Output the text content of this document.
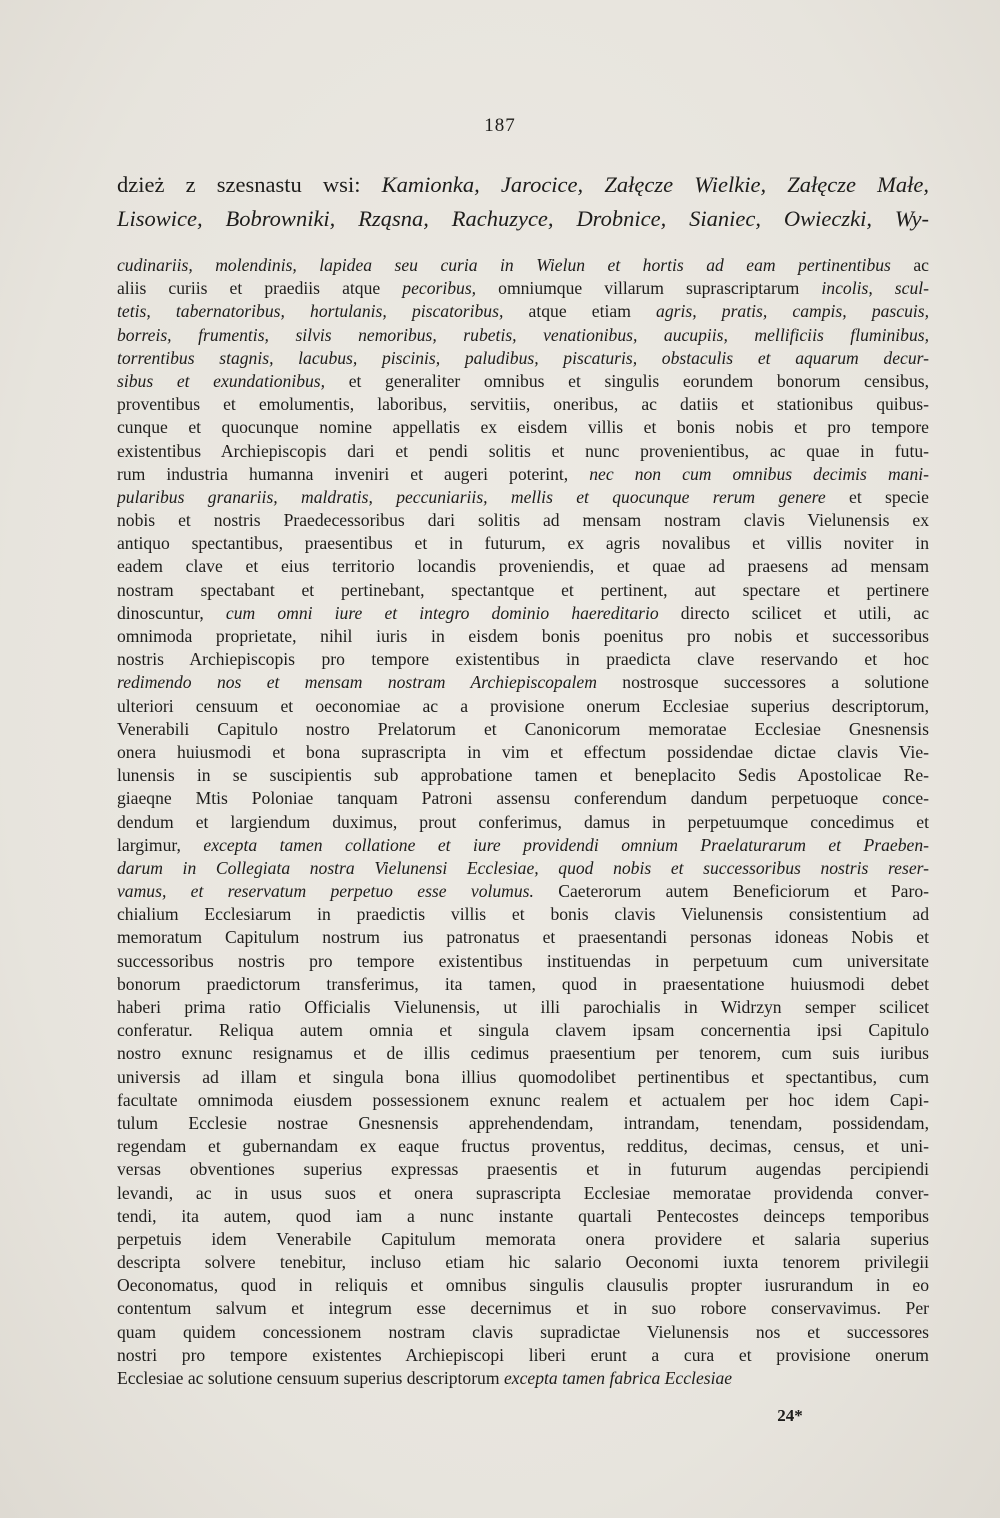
187
dzież z szesnastu wsi: Kamionka, Jarocice, Załęcze Wielkie, Załęcze Małe,
Lisowice, Bobrowniki, Rząsna, Rachuzyce, Drobnice, Sianiec, Owieczki, Wy-
cudinariis, molendinis, lapidea seu curia in Wielun et hortis ad eam pertinentibus ac
aliis curiis et praediis atque pecoribus, omniumque villarum suprascriptarum incolis, scul-
tetis, tabernatoribus, hortulanis, piscatoribus, atque etiam agris, pratis, campis, pascuis,
borreis, frumentis, silvis nemoribus, rubetis, venationibus, aucupiis, mellificiis fluminibus,
torrentibus stagnis, lacubus, piscinis, paludibus, piscaturis, obstaculis et aquarum decur-
sibus et exundationibus, et generaliter omnibus et singulis eorundem bonorum censibus,
proventibus et emolumentis, laboribus, servitiis, oneribus, ac datiis et stationibus quibus-
cunque et quocunque nomine appellatis ex eisdem villis et bonis nobis et pro tempore
existentibus Archiepiscopis dari et pendi solitis et nunc provenientibus, ac quae in futu-
rum industria humanna inveniri et augeri poterint, nec non cum omnibus decimis mani-
pularibus granariis, maldratis, peccuniariis, mellis et quocunque rerum genere et specie
nobis et nostris Praedecessoribus dari solitis ad mensam nostram clavis Vielunensis ex
antiquo spectantibus, praesentibus et in futurum, ex agris novalibus et villis noviter in
eadem clave et eius territorio locandis proveniendis, et quae ad praesens ad mensam
nostram spectabant et pertinebant, spectantque et pertinent, aut spectare et pertinere
dinoscuntur, cum omni iure et integro dominio haereditario directo scilicet et utili, ac
omnimoda proprietate, nihil iuris in eisdem bonis poenitus pro nobis et successoribus
nostris Archiepiscopis pro tempore existentibus in praedicta clave reservando et hoc
redimendo nos et mensam nostram Archiepiscopalem nostrosque successores a solutione
ulteriori censuum et oeconomiae ac a provisione onerum Ecclesiae superius descriptorum,
Venerabili Capitulo nostro Prelatorum et Canonicorum memoratae Ecclesiae Gnesnensis
onera huiusmodi et bona suprascripta in vim et effectum possidendae dictae clavis Vie-
lunensis in se suscipientis sub approbatione tamen et beneplacito Sedis Apostolicae Re-
giaeqne Mtis Poloniae tanquam Patroni assensu conferendum dandum perpetuoque conce-
dendum et largiendum duximus, prout conferimus, damus in perpetuumque concedimus et
largimur, excepta tamen collatione et iure providendi omnium Praelaturarum et Praeben-
darum in Collegiata nostra Vielunensi Ecclesiae, quod nobis et successoribus nostris reser-
vamus, et reservatum perpetuo esse volumus. Caeterorum autem Beneficiorum et Paro-
chialium Ecclesiarum in praedictis villis et bonis clavis Vielunensis consistentium ad
memoratum Capitulum nostrum ius patronatus et praesentandi personas idoneas Nobis et
successoribus nostris pro tempore existentibus instituendas in perpetuum cum universitate
bonorum praedictorum transferimus, ita tamen, quod in praesentatione huiusmodi debet
haberi prima ratio Officialis Vielunensis, ut illi parochialis in Widrzyn semper scilicet
conferatur. Reliqua autem omnia et singula clavem ipsam concernentia ipsi Capitulo
nostro exnunc resignamus et de illis cedimus praesentium per tenorem, cum suis iuribus
universis ad illam et singula bona illius quomodolibet pertinentibus et spectantibus, cum
facultate omnimoda eiusdem possessionem exnunc realem et actualem per hoc idem Capi-
tulum Ecclesie nostrae Gnesnensis apprehendendam, intrandam, tenendam, possidendam,
regendam et gubernandam ex eaque fructus proventus, redditus, decimas, census, et uni-
versas obventiones superius expressas praesentis et in futurum augendas percipiendi
levandi, ac in usus suos et onera suprascripta Ecclesiae memoratae providenda conver-
tendi, ita autem, quod iam a nunc instante quartali Pentecostes deinceps temporibus
perpetuis idem Venerabile Capitulum memorata onera providere et salaria superius
descripta solvere tenebitur, incluso etiam hic salario Oeconomi iuxta tenorem privilegii
Oeconomatus, quod in reliquis et omnibus singulis clausulis propter iusrurandum in eo
contentum salvum et integrum esse decernimus et in suo robore conservavimus. Per
quam quidem concessionem nostram clavis supradictae Vielunensis nos et successores
nostri pro tempore existentes Archiepiscopi liberi erunt a cura et provisione onerum
Ecclesiae ac solutione censuum superius descriptorum excepta tamen fabrica Ecclesiae
24*
